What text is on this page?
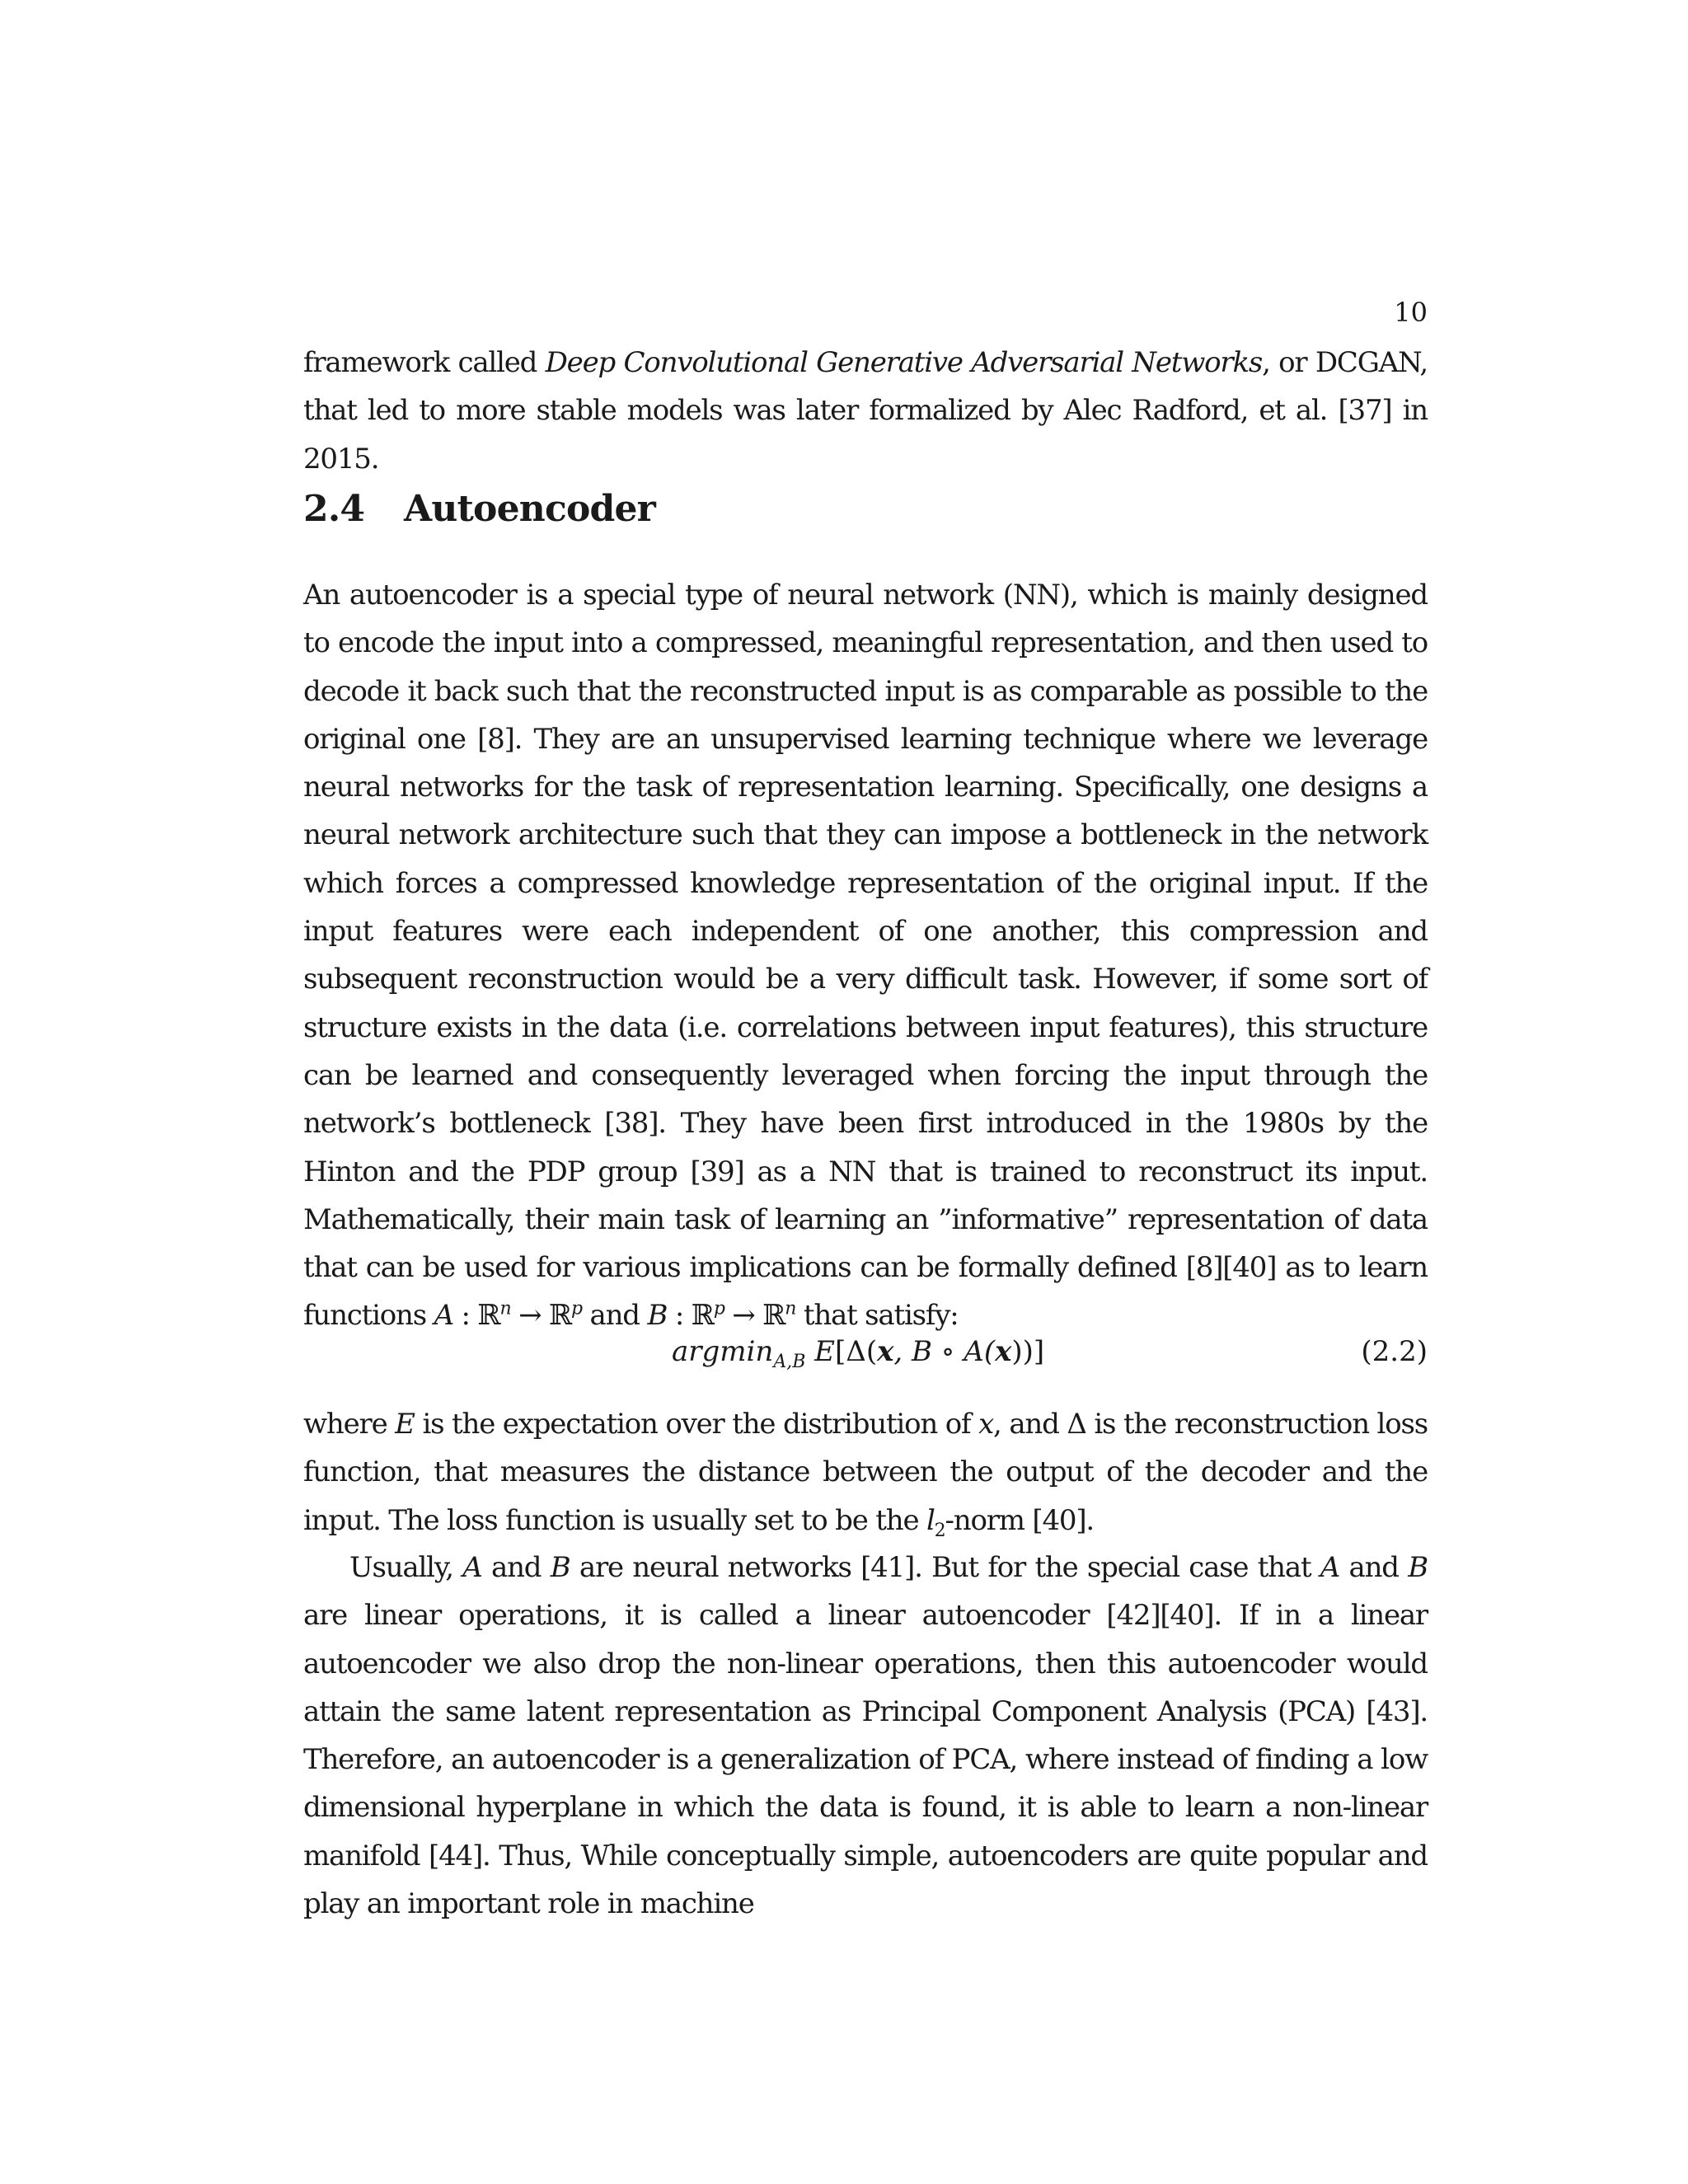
10
framework called Deep Convolutional Generative Adversarial Networks, or DCGAN, that led to more stable models was later formalized by Alec Radford, et al. [37] in 2015.
2.4 Autoencoder
An autoencoder is a special type of neural network (NN), which is mainly designed to encode the input into a compressed, meaningful representation, and then used to decode it back such that the reconstructed input is as comparable as possible to the original one [8]. They are an unsupervised learning technique where we leverage neural networks for the task of representation learning. Specifically, one designs a neural network architecture such that they can impose a bottleneck in the network which forces a compressed knowledge representation of the original input. If the input features were each independent of one another, this compression and subsequent reconstruction would be a very difficult task. However, if some sort of structure exists in the data (i.e. correlations between input features), this structure can be learned and consequently leveraged when forcing the input through the network’s bottleneck [38]. They have been first introduced in the 1980s by the Hinton and the PDP group [39] as a NN that is trained to reconstruct its input. Mathematically, their main task of learning an ”informative” representation of data that can be used for various implications can be formally defined [8][40] as to learn functions A : ℝ$^n$ → ℝ$^p$ and B : ℝ$^p$ → ℝ$^n$ that satisfy:
argmin$_{A,B}$ E[Δ(x, B ∘ A(x))]	(2.2)
where E is the expectation over the distribution of x, and Δ is the reconstruction loss function, that measures the distance between the output of the decoder and the input. The loss function is usually set to be the $l_2$-norm [40].
Usually, A and B are neural networks [41]. But for the special case that A and B are linear operations, it is called a linear autoencoder [42][40]. If in a linear autoencoder we also drop the non-linear operations, then this autoencoder would attain the same latent representation as Principal Component Analysis (PCA) [43]. Therefore, an autoencoder is a generalization of PCA, where instead of finding a low dimensional hyperplane in which the data is found, it is able to learn a non-linear manifold [44]. Thus, While conceptually simple, autoencoders are quite popular and play an important role in machine
